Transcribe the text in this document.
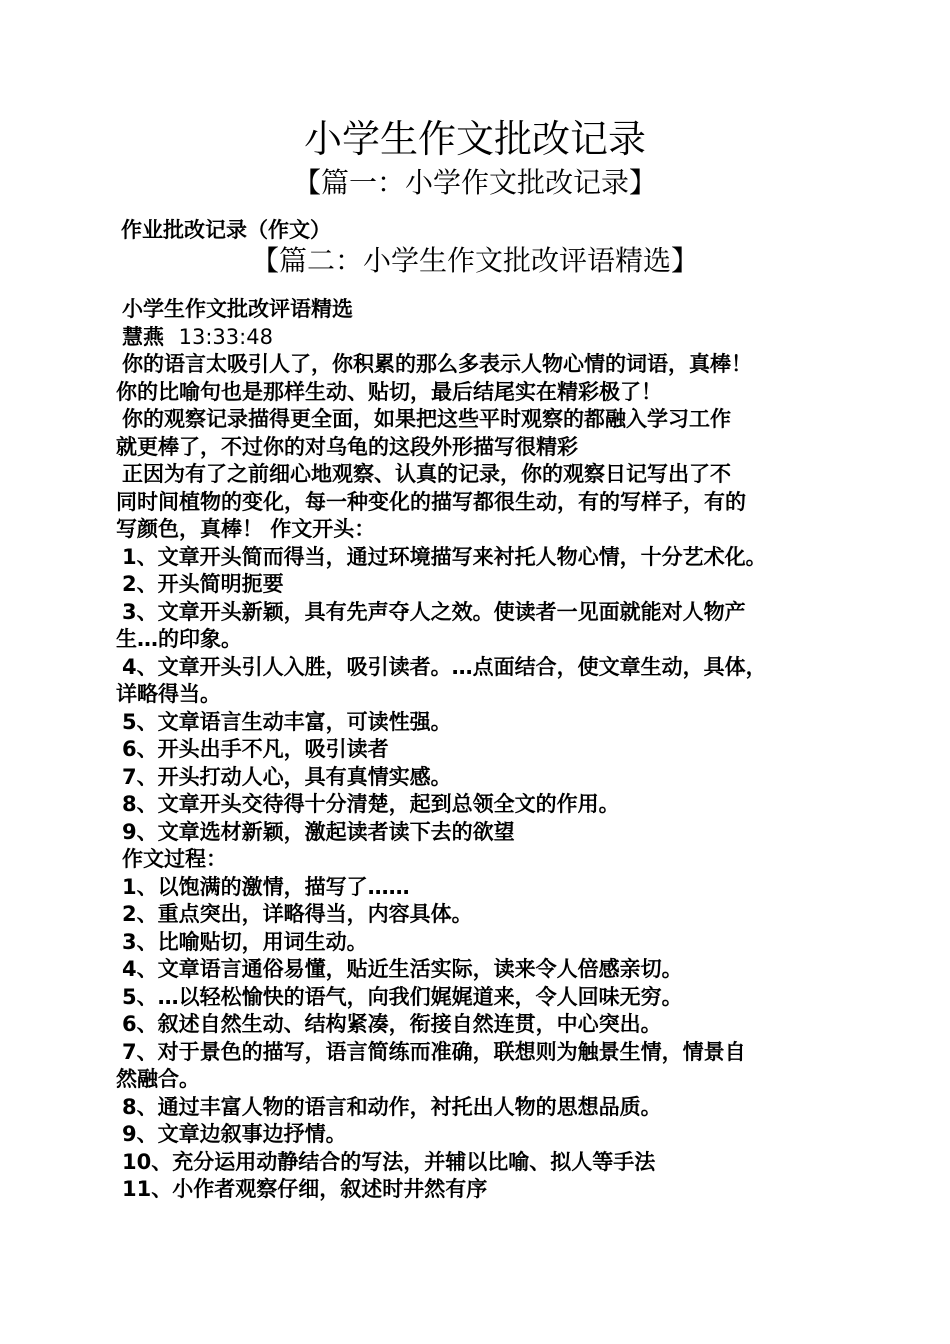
小学生作文批改记录
【篇一：小学作文批改记录】
作业批改记录（作文）
【篇二：小学生作文批改评语精选】
小学生作文批改评语精选
慧燕 13:33:48
你的语言太吸引人了，你积累的那么多表示人物心情的词语，真棒！
你的比喻句也是那样生动、贴切，最后结尾实在精彩极了！
你的观察记录描得更全面，如果把这些平时观察的都融入学习工作
就更棒了，不过你的对乌龟的这段外形描写很精彩
正因为有了之前细心地观察、认真的记录，你的观察日记写出了不
同时间植物的变化，每一种变化的描写都很生动，有的写样子，有的
写颜色，真棒！ 作文开头：
1、文章开头简而得当，通过环境描写来衬托人物心情，十分艺术化。
2、开头简明扼要
3、文章开头新颖，具有先声夺人之效。使读者一见面就能对人物产
生…的印象。
4、文章开头引人入胜，吸引读者。…点面结合，使文章生动，具体，
详略得当。
5、文章语言生动丰富，可读性强。
6、开头出手不凡，吸引读者
7、开头打动人心，具有真情实感。
8、文章开头交待得十分清楚，起到总领全文的作用。
9、文章选材新颖，激起读者读下去的欲望
作文过程：
1、以饱满的激情，描写了……
2、重点突出，详略得当，内容具体。
3、比喻贴切，用词生动。
4、文章语言通俗易懂，贴近生活实际，读来令人倍感亲切。
5、…以轻松愉快的语气，向我们娓娓道来，令人回味无穷。
6、叙述自然生动、结构紧凑，衔接自然连贯，中心突出。
7、对于景色的描写，语言简练而准确，联想则为触景生情，情景自
然融合。
8、通过丰富人物的语言和动作，衬托出人物的思想品质。
9、文章边叙事边抒情。
10、充分运用动静结合的写法，并辅以比喻、拟人等手法
11、小作者观察仔细，叙述时井然有序
